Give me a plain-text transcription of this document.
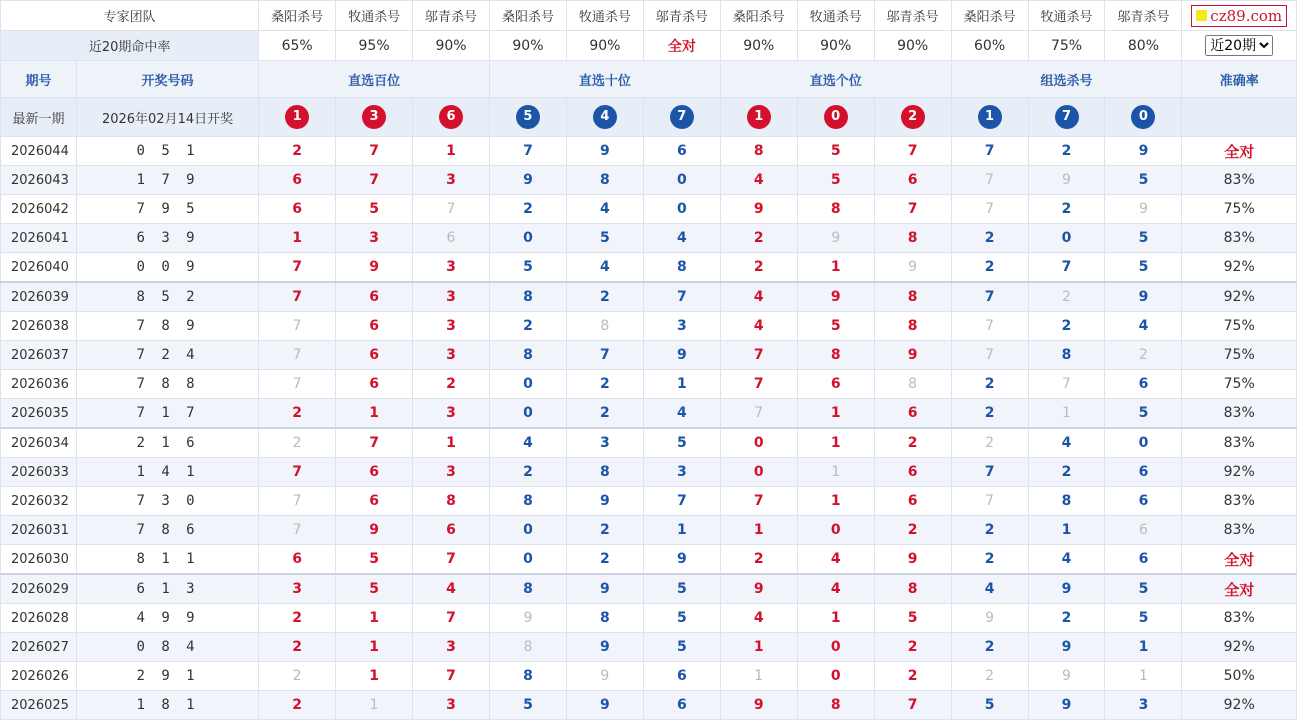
专家团队		桑阳杀号	牧通杀号	邬青杀号	桑阳杀号	牧通杀号	邬青杀号	桑阳杀号	牧通杀号	邬青杀号	桑阳杀号	牧通杀号	邬青杀号	cz89.com

近20期命中率		65%	95%	90%	90%	90%	全对	90%	90%	90%	60%	75%	80%	
近20期
期号	开奖号码	直选百位			直选十位			直选个位			组选杀号			准确率
最新一期	2026年02月14日开奖	1	3	6	5	4	7	1	0	2	1	7	0	
2026044	0 5 1	2	7	1	7	9	6	8	5	7	7	2	9	全对
2026043	1 7 9	6	7	3	9	8	0	4	5	6	7	9	5	83%
2026042	7 9 5	6	5	7	2	4	0	9	8	7	7	2	9	75%
2026041	6 3 9	1	3	6	0	5	4	2	9	8	2	0	5	83%
2026040	0 0 9	7	9	3	5	4	8	2	1	9	2	7	5	92%
2026039	8 5 2	7	6	3	8	2	7	4	9	8	7	2	9	92%
2026038	7 8 9	7	6	3	2	8	3	4	5	8	7	2	4	75%
2026037	7 2 4	7	6	3	8	7	9	7	8	9	7	8	2	75%
2026036	7 8 8	7	6	2	0	2	1	7	6	8	2	7	6	75%
2026035	7 1 7	2	1	3	0	2	4	7	1	6	2	1	5	83%
2026034	2 1 6	2	7	1	4	3	5	0	1	2	2	4	0	83%
2026033	1 4 1	7	6	3	2	8	3	0	1	6	7	2	6	92%
2026032	7 3 0	7	6	8	8	9	7	7	1	6	7	8	6	83%
2026031	7 8 6	7	9	6	0	2	1	1	0	2	2	1	6	83%
2026030	8 1 1	6	5	7	0	2	9	2	4	9	2	4	6	全对
2026029	6 1 3	3	5	4	8	9	5	9	4	8	4	9	5	全对
2026028	4 9 9	2	1	7	9	8	5	4	1	5	9	2	5	83%
2026027	0 8 4	2	1	3	8	9	5	1	0	2	2	9	1	92%
2026026	2 9 1	2	1	7	8	9	6	1	0	2	2	9	1	50%
2026025	1 8 1	2	1	3	5	9	6	9	8	7	5	9	3	92%
